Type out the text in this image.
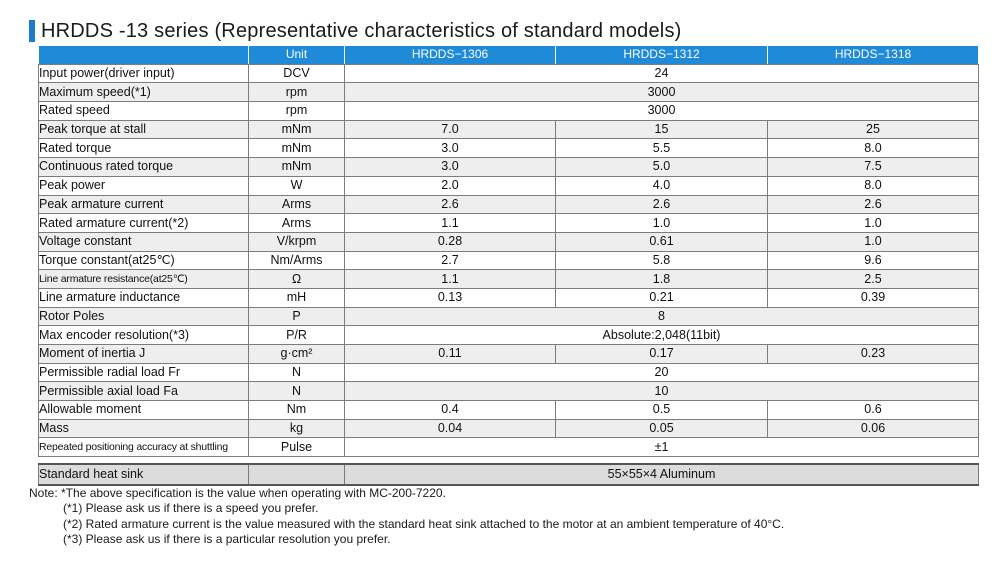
HRDDS -13 series (Representative characteristics of standard models)
	Unit	HRDDS−1306	HRDDS−1312	HRDDS−1318
Input power(driver input)	DCV	24		
Maximum speed(*1)	rpm	3000		
Rated speed	rpm	3000		
Peak torque at stall	mNm	7.0	15	25
Rated torque	mNm	3.0	5.5	8.0
Continuous rated torque	mNm	3.0	5.0	7.5
Peak power	W	2.0	4.0	8.0
Peak armature current	Arms	2.6	2.6	2.6
Rated armature current(*2)	Arms	1.1	1.0	1.0
Voltage constant	V/krpm	0.28	0.61	1.0
Torque constant(at25℃)	Nm/Arms	2.7	5.8	9.6
Line armature resistance(at25℃)	Ω	1.1	1.8	2.5
Line armature inductance	mH	0.13	0.21	0.39
Rotor Poles	P	8		
Max encoder resolution(*3)	P/R	Absolute:2,048(11bit)		
Moment of inertia J	g·cm²	0.11	0.17	0.23
Permissible radial load Fr	N	20		
Permissible axial load Fa	N	10		
Allowable moment	Nm	0.4	0.5	0.6
Mass	kg	0.04	0.05	0.06
Repeated positioning accuracy at shuttling	Pulse	±1		

Standard heat sink		55×55×4 Aluminum		
Note: *The above specification is the value when operating with MC-200-7220.
(*1) Please ask us if there is a speed you prefer.
(*2) Rated armature current is the value measured with the standard heat sink attached to the motor at an ambient temperature of 40°C.
(*3) Please ask us if there is a particular resolution you prefer.
